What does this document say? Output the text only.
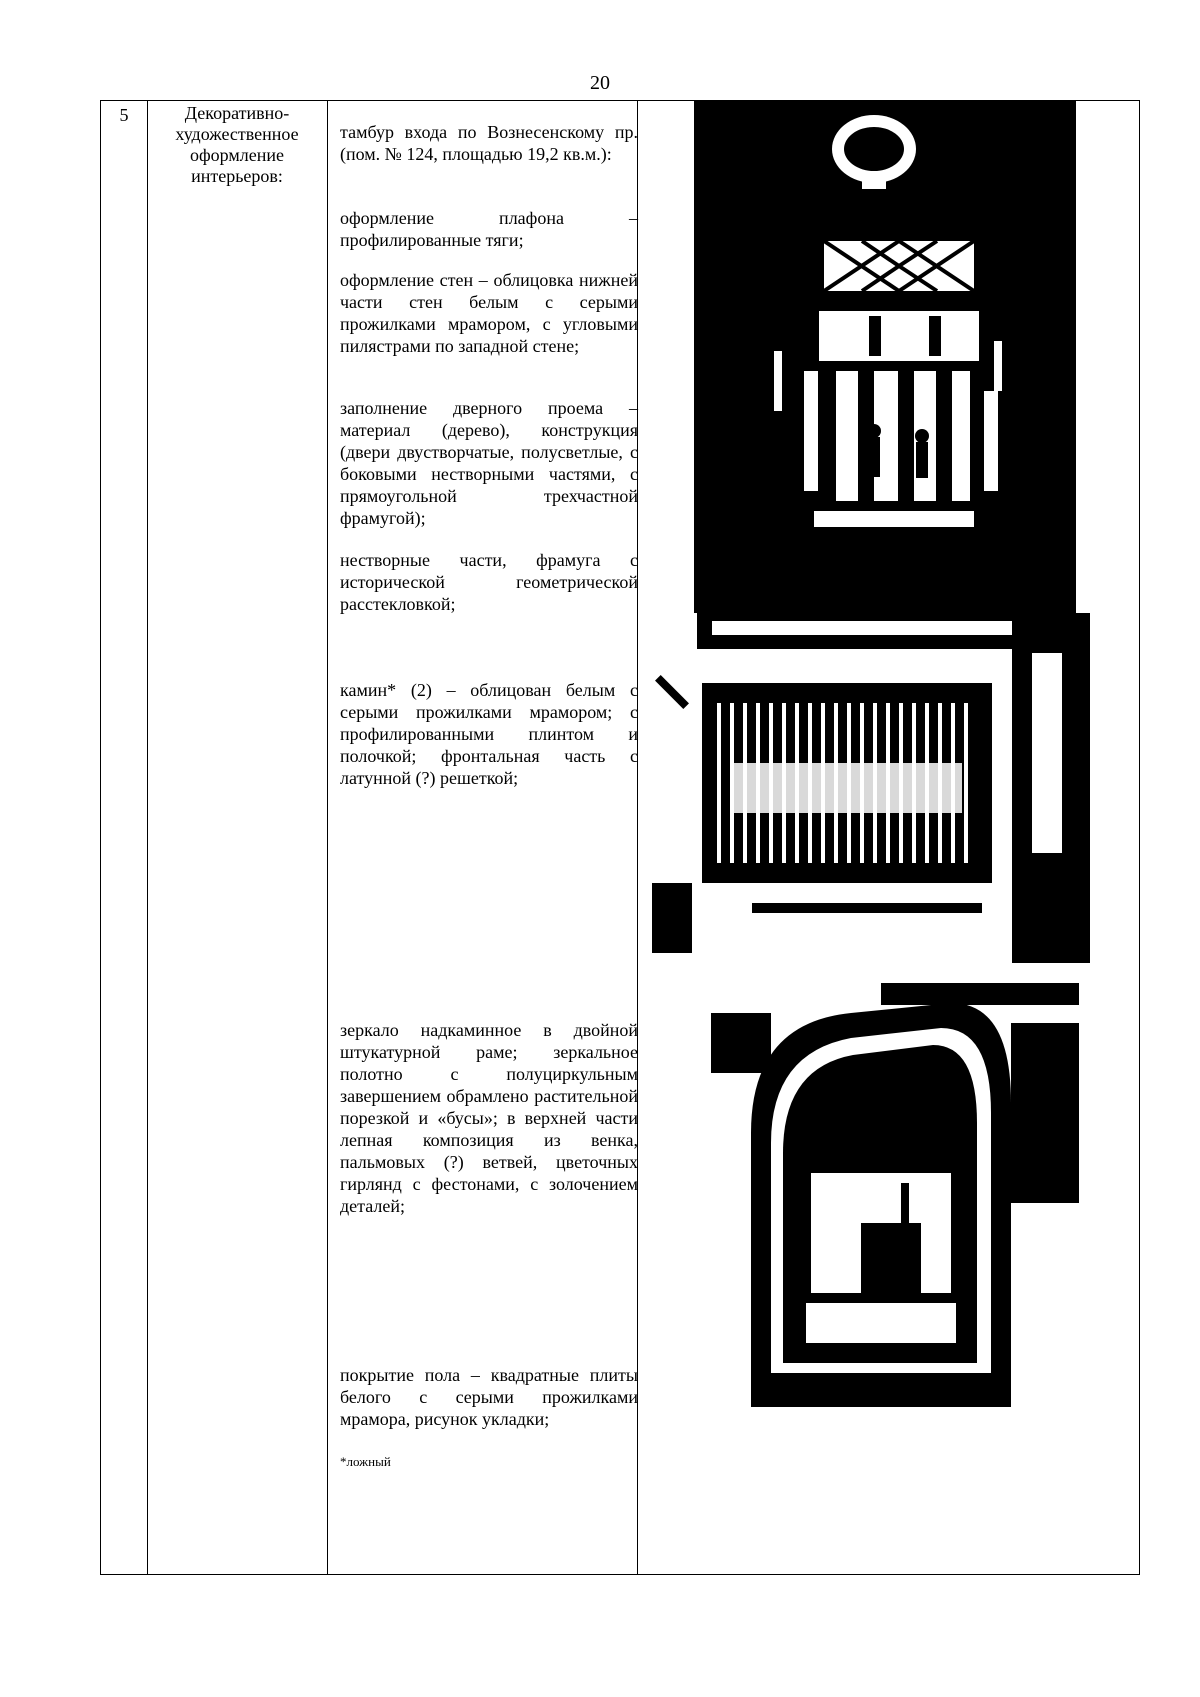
20
5	Декоративно-художественное оформление интерьеров:
тамбур входа по Вознесенскому пр. (пом. № 124, площадью 19,2 кв.м.):
оформление плафона – профилированные тяги;
оформление стен – облицовка нижней части стен белым с серыми прожилками мрамором, с угловыми пилястрами по западной стене;
заполнение дверного проема – материал (дерево), конструкция (двери двустворчатые, полусветлые, с боковыми нестворными частями, с прямоугольной трехчастной фрамугой);
нестворные части, фрамуга с исторической геометрической расстекловкой;
камин* (2) – облицован белым с серыми прожилками мрамором; с профилированными плинтом и полочкой; фронтальная часть с латунной (?) решеткой;
зеркало надкаминное в двойной штукатурной раме; зеркальное полотно с полуциркульным завершением обрамлено растительной порезкой и «бусы»; в верхней части лепная композиция из венка, пальмовых (?) ветвей, цветочных гирлянд с фестонами, с золочением деталей;
покрытие пола – квадратные плиты белого с серыми прожилками мрамора, рисунок укладки;
*ложный
